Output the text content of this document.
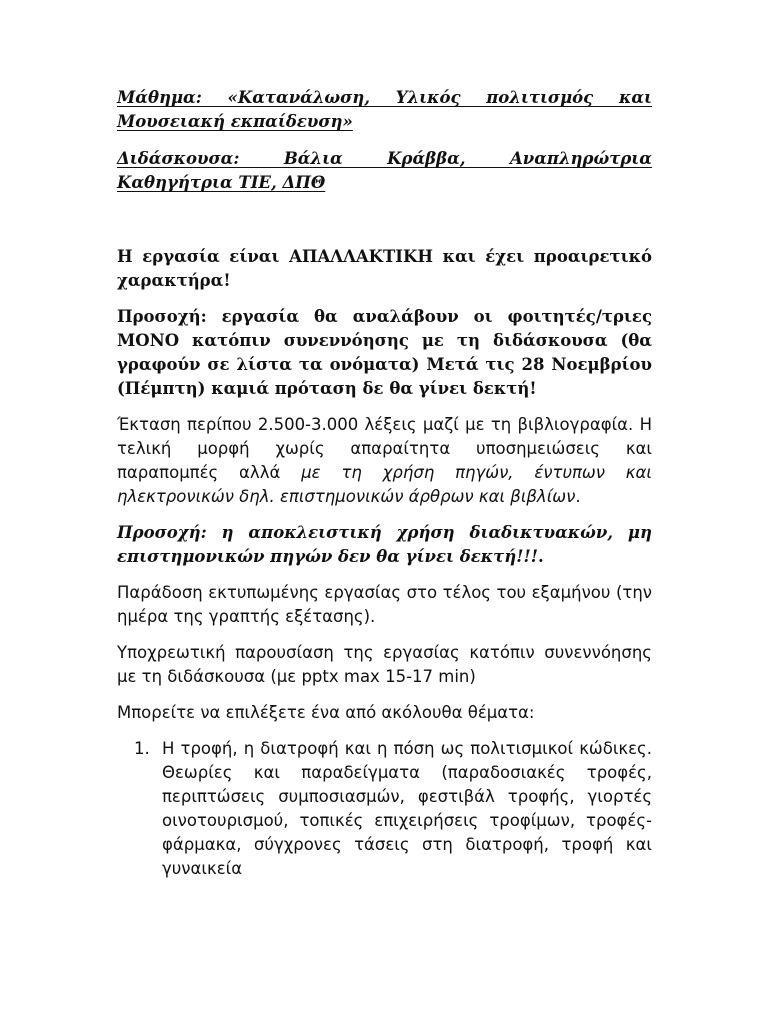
Μάθημα: «Κατανάλωση, Υλικός πολιτισμός και
Μουσειακή εκπαίδευση»

Διδάσκουσα: Βάλια Κράββα, Αναπληρώτρια
Καθηγήτρια ΤΙΕ, ΔΠΘ

Η εργασία είναι ΑΠΑΛΛΑΚΤΙΚΗ και έχει προαιρετικό χαρακτήρα!

Προσοχή: εργασία θα αναλάβουν οι φοιτητές/τριες ΜΟΝΟ κατόπιν συνεννόησης με τη διδάσκουσα (θα γραφούν σε λίστα τα ονόματα) Μετά τις 28 Νοεμβρίου (Πέμπτη) καμιά πρόταση δε θα γίνει δεκτή!

Έκταση περίπου 2.500-3.000 λέξεις μαζί με τη βιβλιογραφία. Η τελική μορφή χωρίς απαραίτητα υποσημειώσεις και παραπομπές αλλά με τη χρήση πηγών, έντυπων και ηλεκτρονικών δηλ. επιστημονικών άρθρων και βιβλίων.

Προσοχή: η αποκλειστική χρήση διαδικτυακών, μη επιστημονικών πηγών δεν θα γίνει δεκτή!!!.

Παράδοση εκτυπωμένης εργασίας στο τέλος του εξαμήνου (την ημέρα της γραπτής εξέτασης).

Υποχρεωτική παρουσίαση της εργασίας κατόπιν συνεννόησης με τη διδάσκουσα (με pptx max 15-17 min)

Μπορείτε να επιλέξετε ένα από ακόλουθα θέματα:

1. Η τροφή, η διατροφή και η πόση ως πολιτισμικοί κώδικες. Θεωρίες και παραδείγματα (παραδοσιακές τροφές, περιπτώσεις συμποσιασμών, φεστιβάλ τροφής, γιορτές οινοτουρισμού, τοπικές επιχειρήσεις τροφίμων, τροφές-φάρμακα, σύγχρονες τάσεις στη διατροφή, τροφή και γυναικεία
